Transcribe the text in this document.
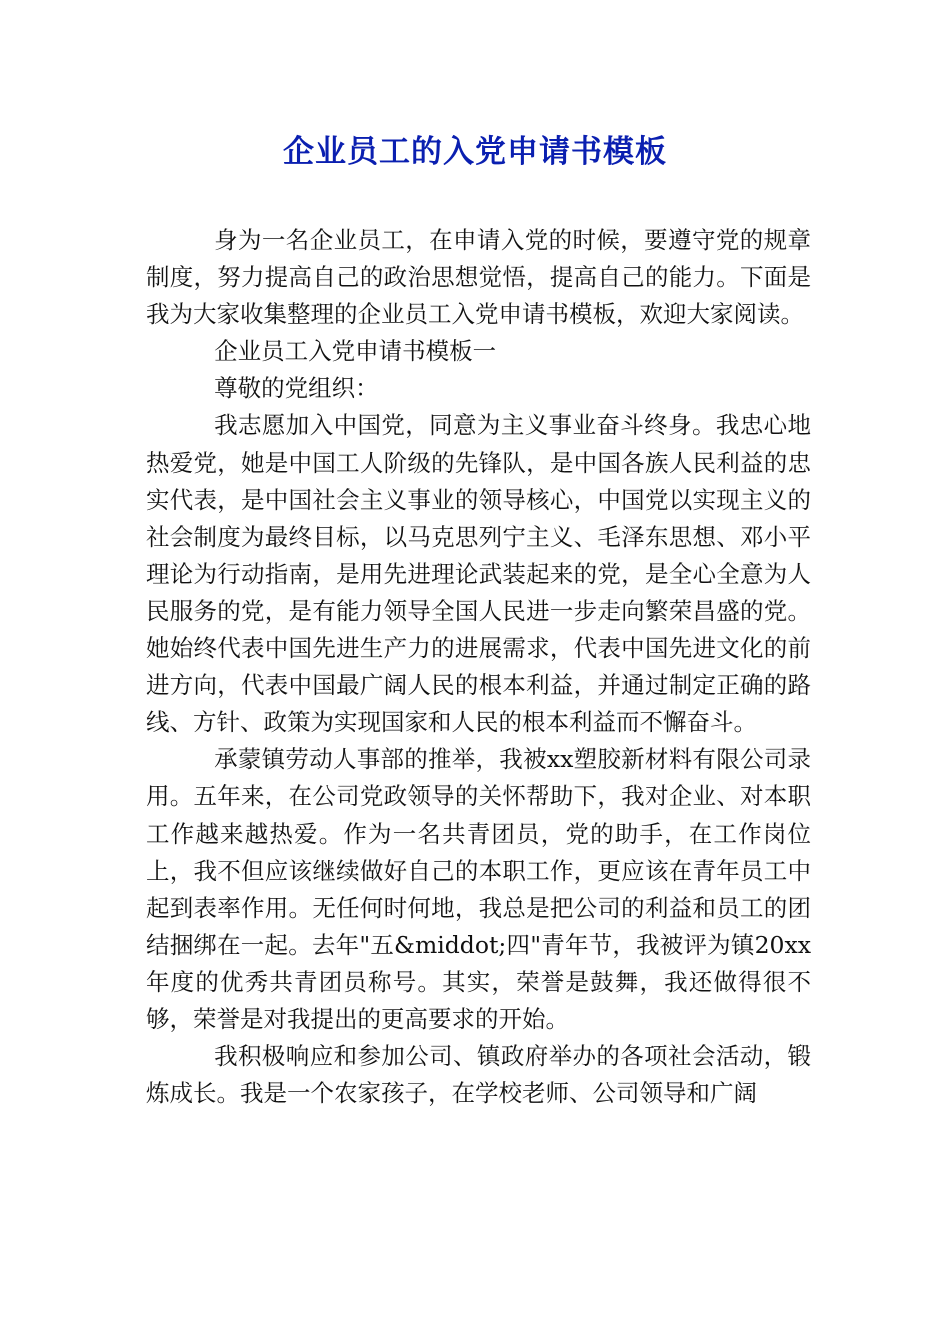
企业员工的入党申请书模板

身为一名企业员工，在申请入党的时候，要遵守党的规章制度，努力提高自己的政治思想觉悟，提高自己的能力。下面是我为大家收集整理的企业员工入党申请书模板，欢迎大家阅读。

企业员工入党申请书模板一

尊敬的党组织：

我志愿加入中国党，同意为主义事业奋斗终身。我忠心地热爱党，她是中国工人阶级的先锋队，是中国各族人民利益的忠实代表，是中国社会主义事业的领导核心，中国党以实现主义的社会制度为最终目标，以马克思列宁主义、毛泽东思想、邓小平理论为行动指南，是用先进理论武装起来的党，是全心全意为人民服务的党，是有能力领导全国人民进一步走向繁荣昌盛的党。她始终代表中国先进生产力的进展需求，代表中国先进文化的前进方向，代表中国最广阔人民的根本利益，并通过制定正确的路线、方针、政策为实现国家和人民的根本利益而不懈奋斗。

承蒙镇劳动人事部的推举，我被xx塑胶新材料有限公司录用。五年来，在公司党政领导的关怀帮助下，我对企业、对本职工作越来越热爱。作为一名共青团员，党的助手，在工作岗位上，我不但应该继续做好自己的本职工作，更应该在青年员工中起到表率作用。无任何时何地，我总是把公司的利益和员工的团结捆绑在一起。去年"五&middot;四"青年节，我被评为镇20xx年度的优秀共青团员称号。其实，荣誉是鼓舞，我还做得很不够，荣誉是对我提出的更高要求的开始。

我积极响应和参加公司、镇政府举办的各项社会活动，锻炼成长。我是一个农家孩子，在学校老师、公司领导和广阔
